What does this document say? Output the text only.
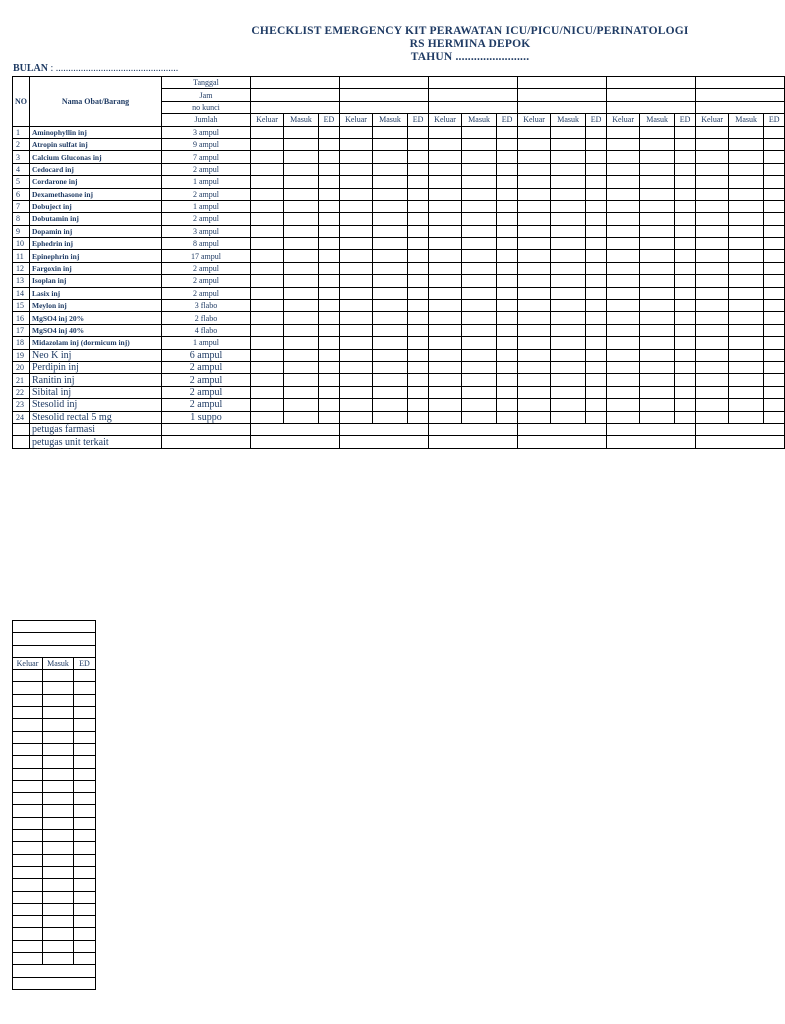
CHECKLIST EMERGENCY KIT PERAWATAN ICU/PICU/NICU/PERINATOLOGI
RS HERMINA DEPOK
TAHUN ........................
BULAN : .................................................
NO	Nama Obat/Barang	Tanggal																		
		Jam																		
		no kunci																		
		Jumlah	Keluar	Masuk	ED	Keluar	Masuk	ED	Keluar	Masuk	ED	Keluar	Masuk	ED	Keluar	Masuk	ED	Keluar	Masuk	ED
1	Aminophyllin inj	3 ampul																		
2	Atropin sulfat inj	9 ampul																		
3	Calcium Gluconas inj	7 ampul																		
4	Cedocard inj	2 ampul																		
5	Cordarone inj	1 ampul																		
6	Dexamethasone inj	2 ampul																		
7	Dobuject inj	1 ampul																		
8	Dobutamin inj	2 ampul																		
9	Dopamin inj	3 ampul																		
10	Ephedrin inj	8 ampul																		
11	Epinephrin inj	17 ampul																		
12	Fargoxin inj	2 ampul																		
13	Isoplan inj	2 ampul																		
14	Lasix inj	2 ampul																		
15	Meylon inj	3 flabo																		
16	MgSO4 inj 20%	2 flabo																		
17	MgSO4 inj 40%	4 flabo																		
18	Midazolam inj (dormicum inj)	1 ampul																		
19	Neo K inj	6 ampul																		
20	Perdipin inj	2 ampul																		
21	Ranitin inj	2 ampul																		
22	Sibital inj	2 ampul																		
23	Stesolid inj	2 ampul																		
24	Stesolid rectal 5 mg	1 suppo																		
	petugas farmasi																			
	petugas unit terkait																			

Keluar	Masuk	ED
